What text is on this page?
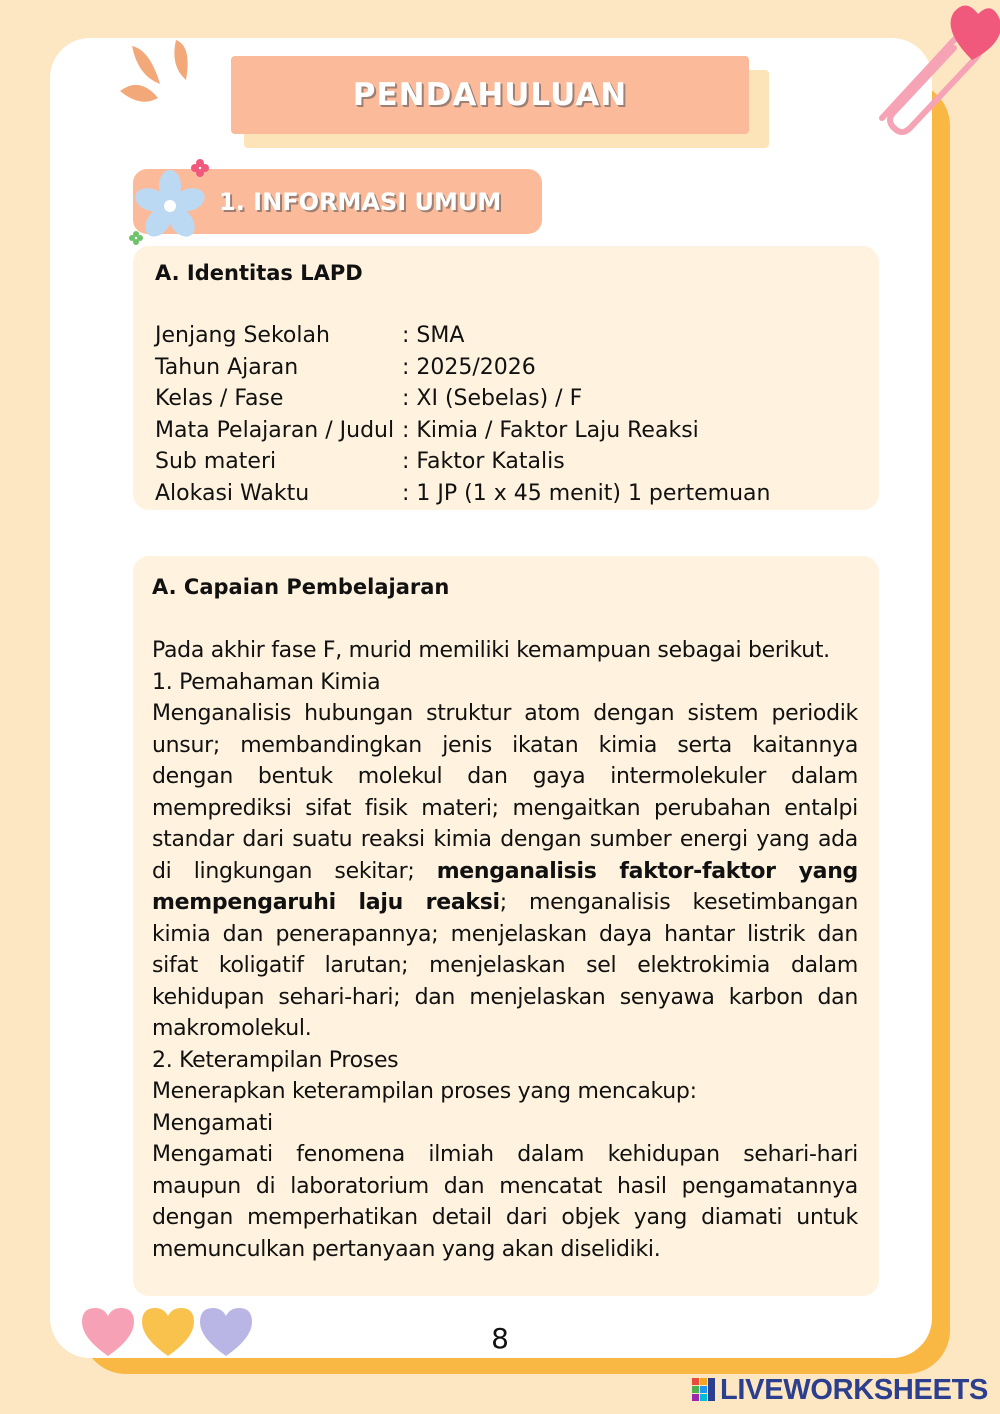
PENDAHULUAN
1. INFORMASI UMUM
A. Identitas LAPD
Jenjang Sekolah	: SMA
Tahun Ajaran	: 2025/2026
Kelas / Fase	: XI (Sebelas) / F
Mata Pelajaran / Judul : Kimia / Faktor Laju Reaksi
Sub materi	: Faktor Katalis
Alokasi Waktu	: 1 JP (1 x 45 menit) 1 pertemuan
A. Capaian Pembelajaran
Pada akhir fase F, murid memiliki kemampuan sebagai berikut.
1. Pemahaman Kimia
Menganalisis hubungan struktur atom dengan sistem periodik unsur; membandingkan jenis ikatan kimia serta kaitannya dengan bentuk molekul dan gaya intermolekuler dalam memprediksi sifat fisik materi; mengaitkan perubahan entalpi standar dari suatu reaksi kimia dengan sumber energi yang ada di lingkungan sekitar; menganalisis faktor-faktor yang mempengaruhi laju reaksi; menganalisis kesetimbangan kimia dan penerapannya; menjelaskan daya hantar listrik dan sifat koligatif larutan; menjelaskan sel elektrokimia dalam kehidupan sehari-hari; dan menjelaskan senyawa karbon dan makromolekul.
2. Keterampilan Proses
Menerapkan keterampilan proses yang mencakup:
Mengamati
Mengamati fenomena ilmiah dalam kehidupan sehari-hari maupun di laboratorium dan mencatat hasil pengamatannya dengan memperhatikan detail dari objek yang diamati untuk memunculkan pertanyaan yang akan diselidiki.
8
LIVEWORKSHEETS
